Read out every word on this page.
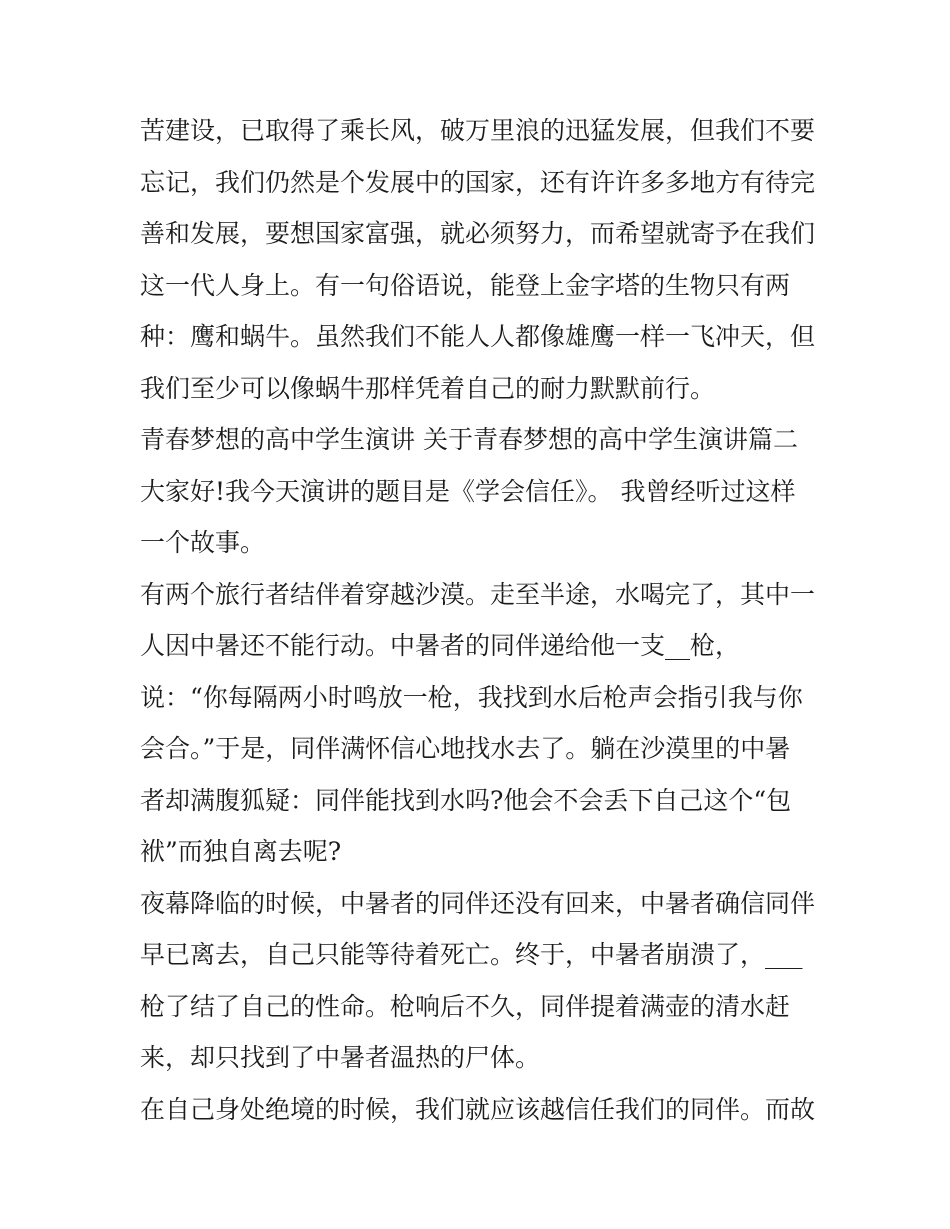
苦建设，已取得了乘长风，破万里浪的迅猛发展，但我们不要
忘记，我们仍然是个发展中的国家，还有许许多多地方有待完
善和发展，要想国家富强，就必须努力，而希望就寄予在我们
这一代人身上。有一句俗语说，能登上金字塔的生物只有两
种：鹰和蜗牛。虽然我们不能人人都像雄鹰一样一飞冲天，但
我们至少可以像蜗牛那样凭着自己的耐力默默前行。
青春梦想的高中学生演讲 关于青春梦想的高中学生演讲篇二
大家好!我今天演讲的题目是《学会信任》。 我曾经听过这样
一个故事。
有两个旅行者结伴着穿越沙漠。走至半途，水喝完了，其中一
人因中暑还不能行动。中暑者的同伴递给他一支__枪，
说：“你每隔两小时鸣放一枪，我找到水后枪声会指引我与你
会合。”于是，同伴满怀信心地找水去了。躺在沙漠里的中暑
者却满腹狐疑：同伴能找到水吗?他会不会丢下自己这个“包
袱”而独自离去呢?
夜幕降临的时候，中暑者的同伴还没有回来，中暑者确信同伴
早已离去，自己只能等待着死亡。终于，中暑者崩溃了，___
枪了结了自己的性命。枪响后不久，同伴提着满壶的清水赶
来，却只找到了中暑者温热的尸体。
在自己身处绝境的时候，我们就应该越信任我们的同伴。而故
